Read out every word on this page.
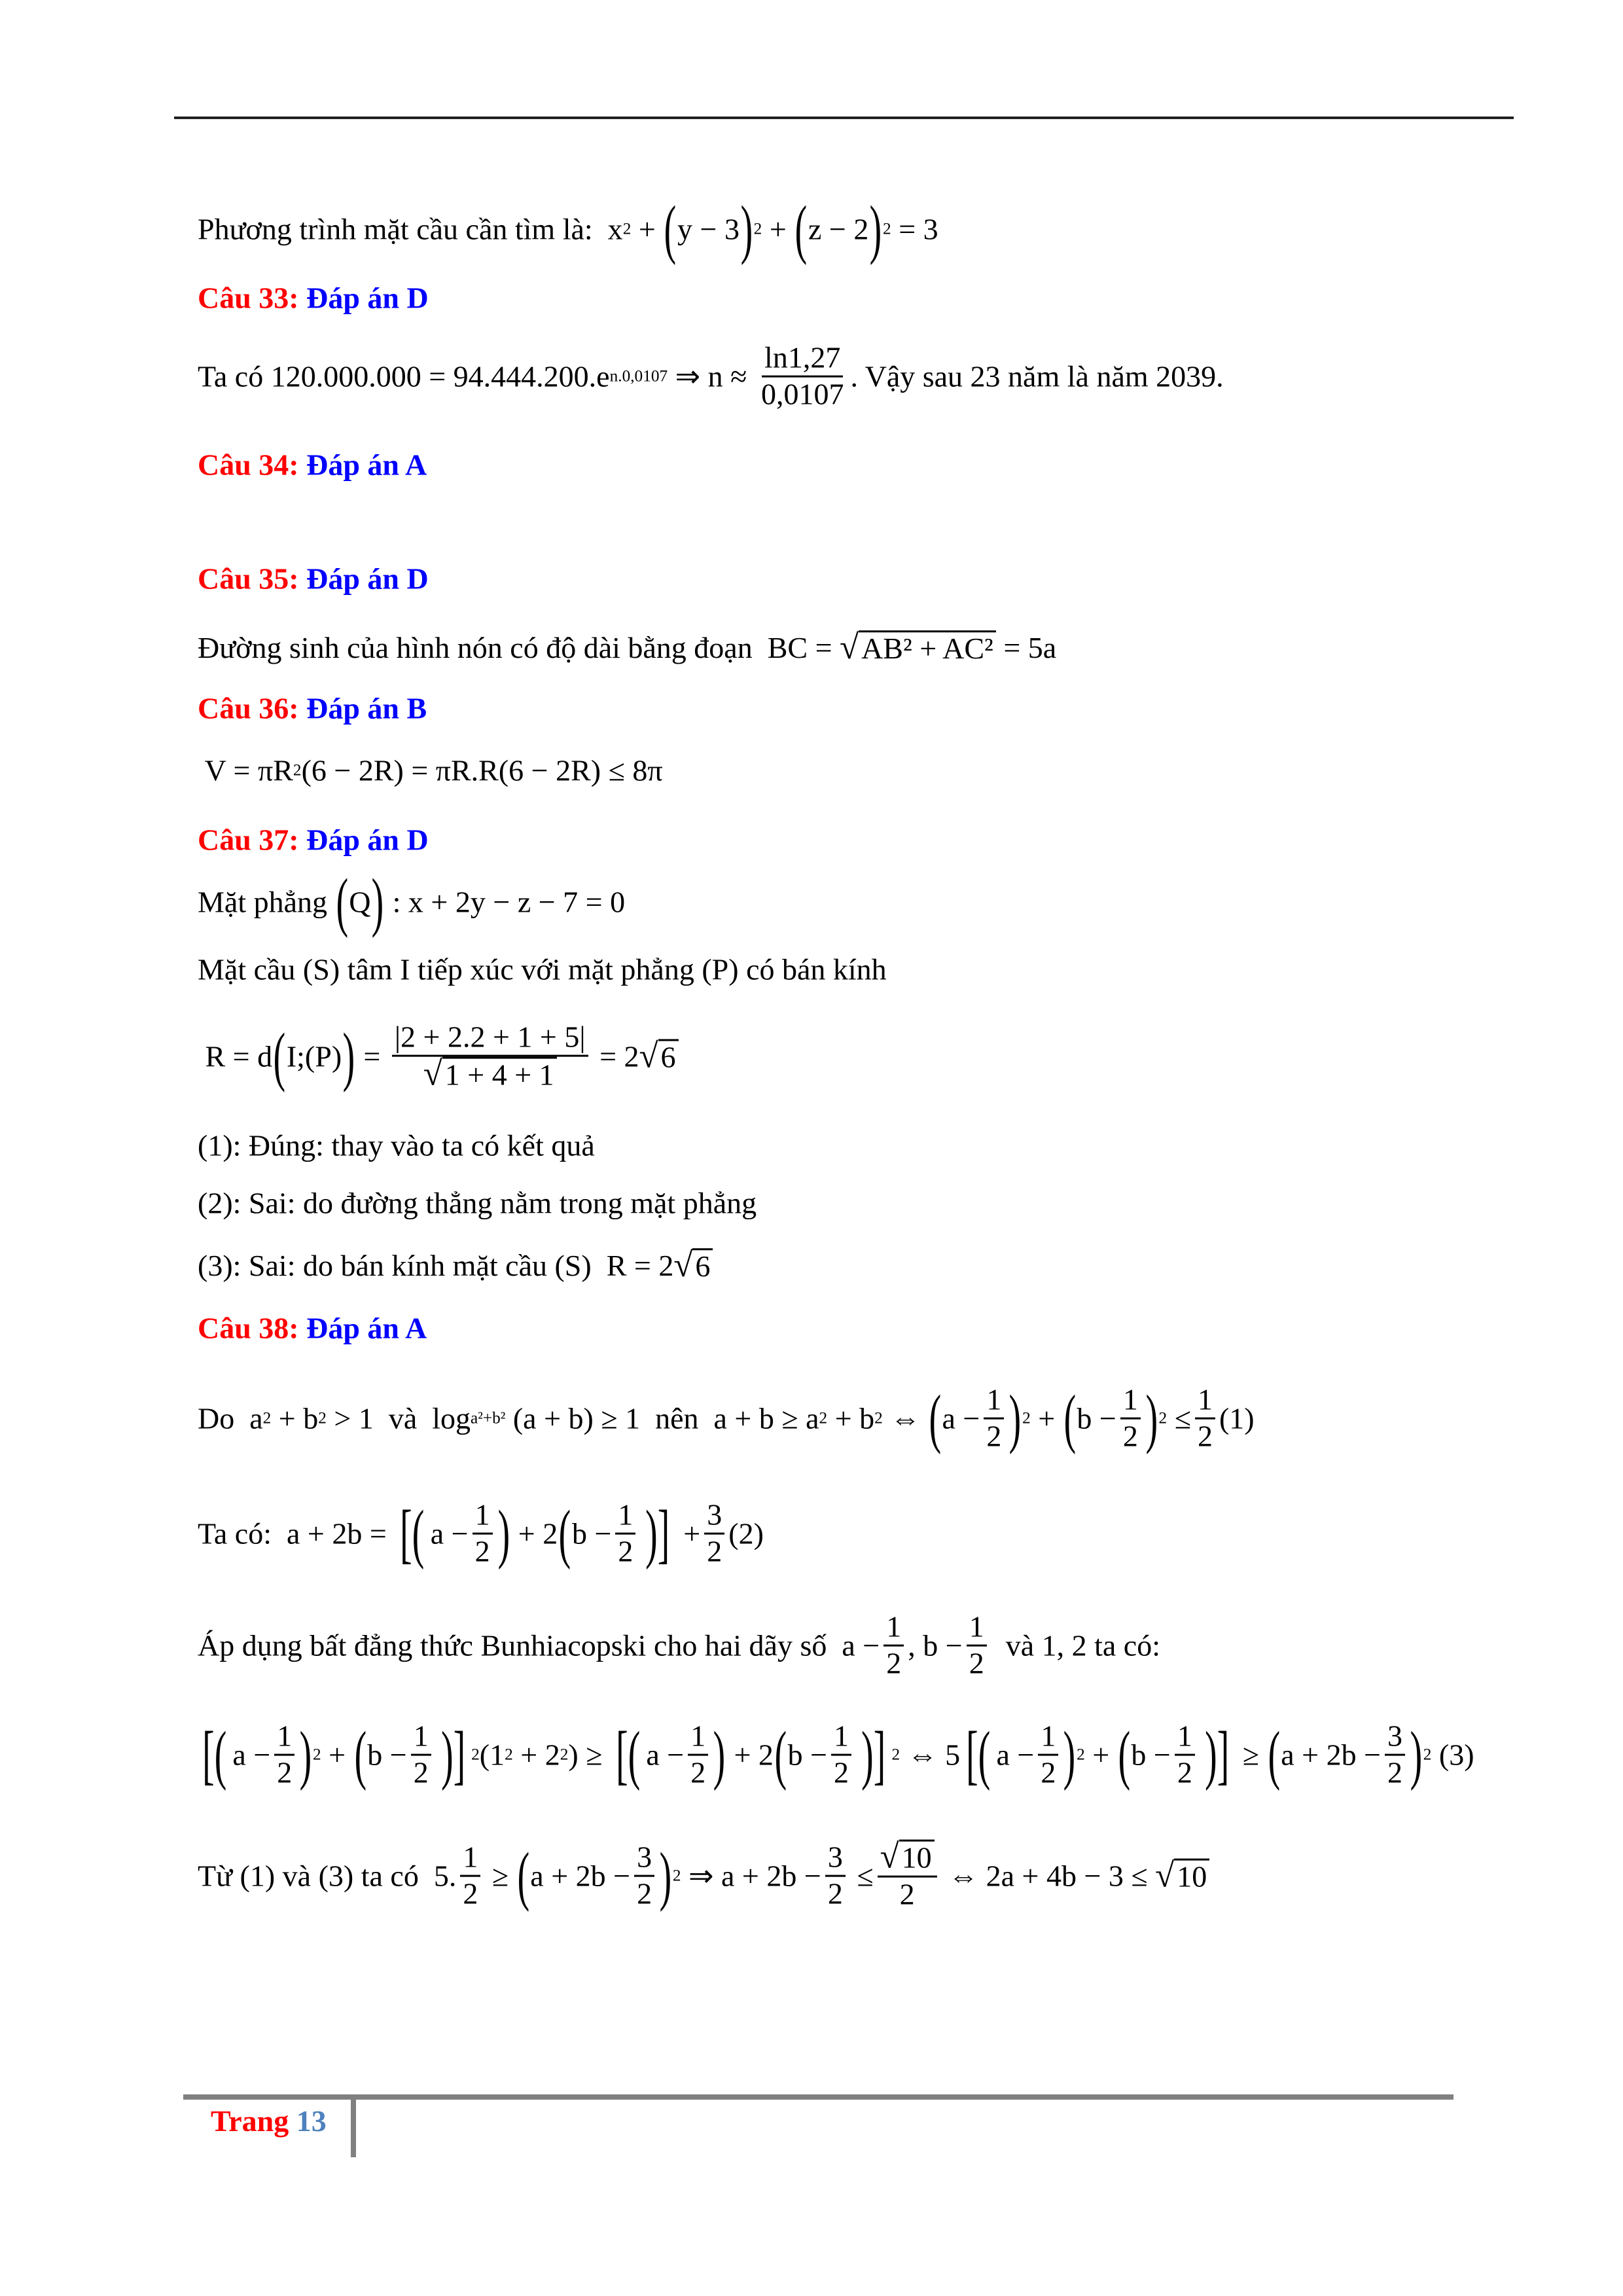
Phương trình mặt cầu cần tìm là:  x 2 + ( y − 3 ) 2 + ( z − 2 ) 2 = 3
Câu 33:
Đáp án D
Ta có 120.000.000 = 94.444.200.e n.0,0107 ⇒ $n \approx \frac{\ln 1,27}{0,0107}$ . Vậy sau 23 năm là năm 2039.
Câu 34:
Đáp án A
Câu 35:
Đáp án D
Đường sinh của hình nón có độ dài bằng đoạn  BC = √ AB² + AC² = 5a
Câu 36:
Đáp án B
V = πR 2 ( 6 − 2R) = πR.R(6 − 2R) ≤ 8π
Câu 37:
Đáp án D
Mặt phẳng ( Q ) : x + 2y − z − 7 = 0
Mặt cầu (S) tâm I tiếp xúc với mặt phẳng (P) có bán kính
R = d ( I;(P) ) = $\frac{|2 + 2.2 + 1 + 5|}{√ 1 + 4 + 1} = 2$ √ 6
(1): Đúng: thay vào ta có kết quả
(2): Sai: do đường thẳng nằm trong mặt phẳng
(3): Sai: do bán kính mặt cầu (S)  R = 2 √ 6
Câu 38:
Đáp án A
Do  a 2 + b 2 > 1  và  log a²+b² (a + b) ≥ 1  nên  a + b ≥ a 2 + b 2 ⇔ ( $a - \frac{1}{2}$ ) 2 + ( $b - \frac{1}{2}$ ) $2 \le \frac{1}{2} (1)$
Ta có:  a + 2b = [( $a - \frac{1}{2}$ ) + 2 ( $b - \frac{1}{2}$ )] + $\frac{3}{2} (2)$
Áp dụng bất đẳng thức Bunhiacopski cho hai dãy số  $a - \frac{1}{2}$ , $b - \frac{1}{2}$ và 1, 2 ta có:
[( $a - \frac{1}{2}$ ) 2 + ( $b - \frac{1}{2}$ )] 2 (1 2 + 2 2 ) ≥ [( $a - \frac{1}{2}$ ) + 2 ( $b - \frac{1}{2}$ )] 2 ⇔ 5 [( $a - \frac{1}{2}$ ) 2 + ( $b - \frac{1}{2}$ )] ≥ ( $a + 2b - \frac{3}{2}$ ) 2 (3)
Từ (1) và (3) ta có  5. $\frac{1}{2}$ ≥ ( $a + 2b - \frac{3}{2}$ ) 2 ⇒ $a + 2b - \frac{3}{2} \le \frac{√ 10}{2}$ ⇔ 2a + 4b − 3 ≤ √ 10
Trang 13
